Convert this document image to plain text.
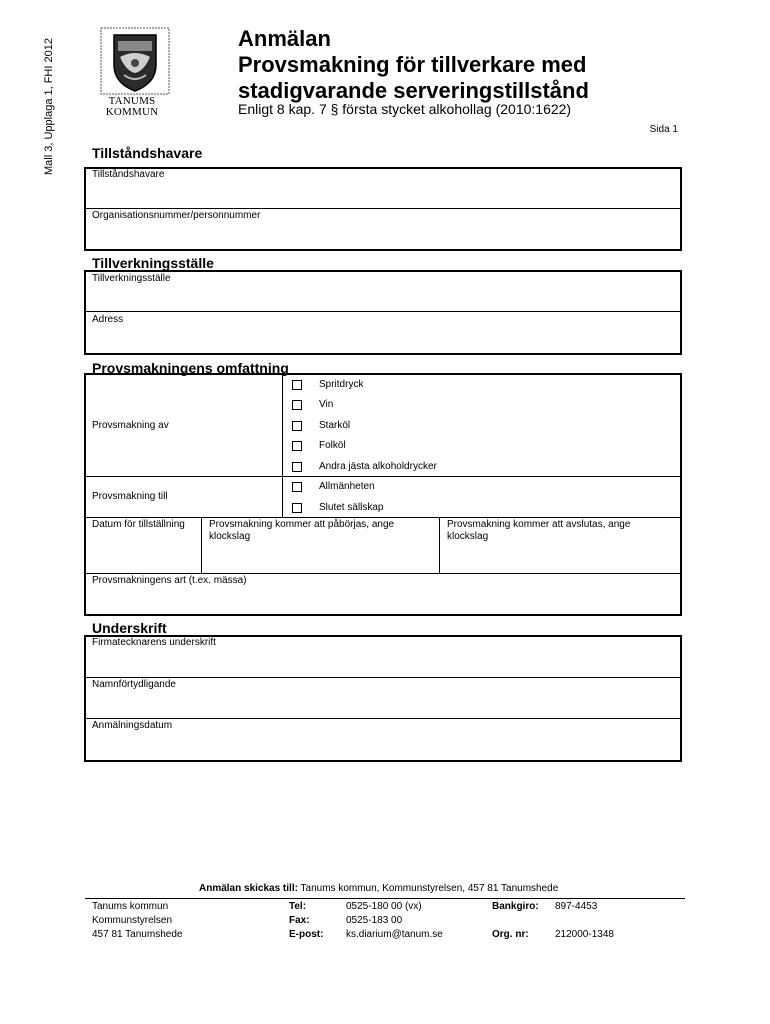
Mall 3, Upplaga 1, FHI 2012	TANUMS
KOMMUN
Anmälan
Provsmakning för tillverkare med
stadigvarande serveringstillstånd
Enligt 8 kap. 7 § första stycket alkohollag (2010:1622)
Sida 1
Tillståndshavare
Tillståndshavare
Organisationsnummer/personnummer
Tillverkningsställe
Tillverkningsställe
Adress
Provsmakningens omfattning
Provsmakning av
Provsmakning till
Spritdryck
Vin
Starköl
Folköl
Andra jästa alkoholdrycker
Allmänheten
Slutet sällskap
Datum för tillställning Provsmakning kommer att påbörjas, ange
klockslag
Provsmakning kommer att avslutas, ange
klockslag
Provsmakningens art (t.ex. mässa)
Underskrift
Firmatecknarens underskrift
Namnförtydligande
Anmälningsdatum
Anmälan skickas till: Tanums kommun, Kommunstyrelsen, 457 81 Tanumshede
Tanums kommun
Kommunstyrelsen
457 81 Tanumshede
Tel:
Fax:
E-post:
0525-180 00 (vx)
0525-183 00
ks.diarium@tanum.se
Bankgiro:
Org. nr:
897-4453
212000-1348
